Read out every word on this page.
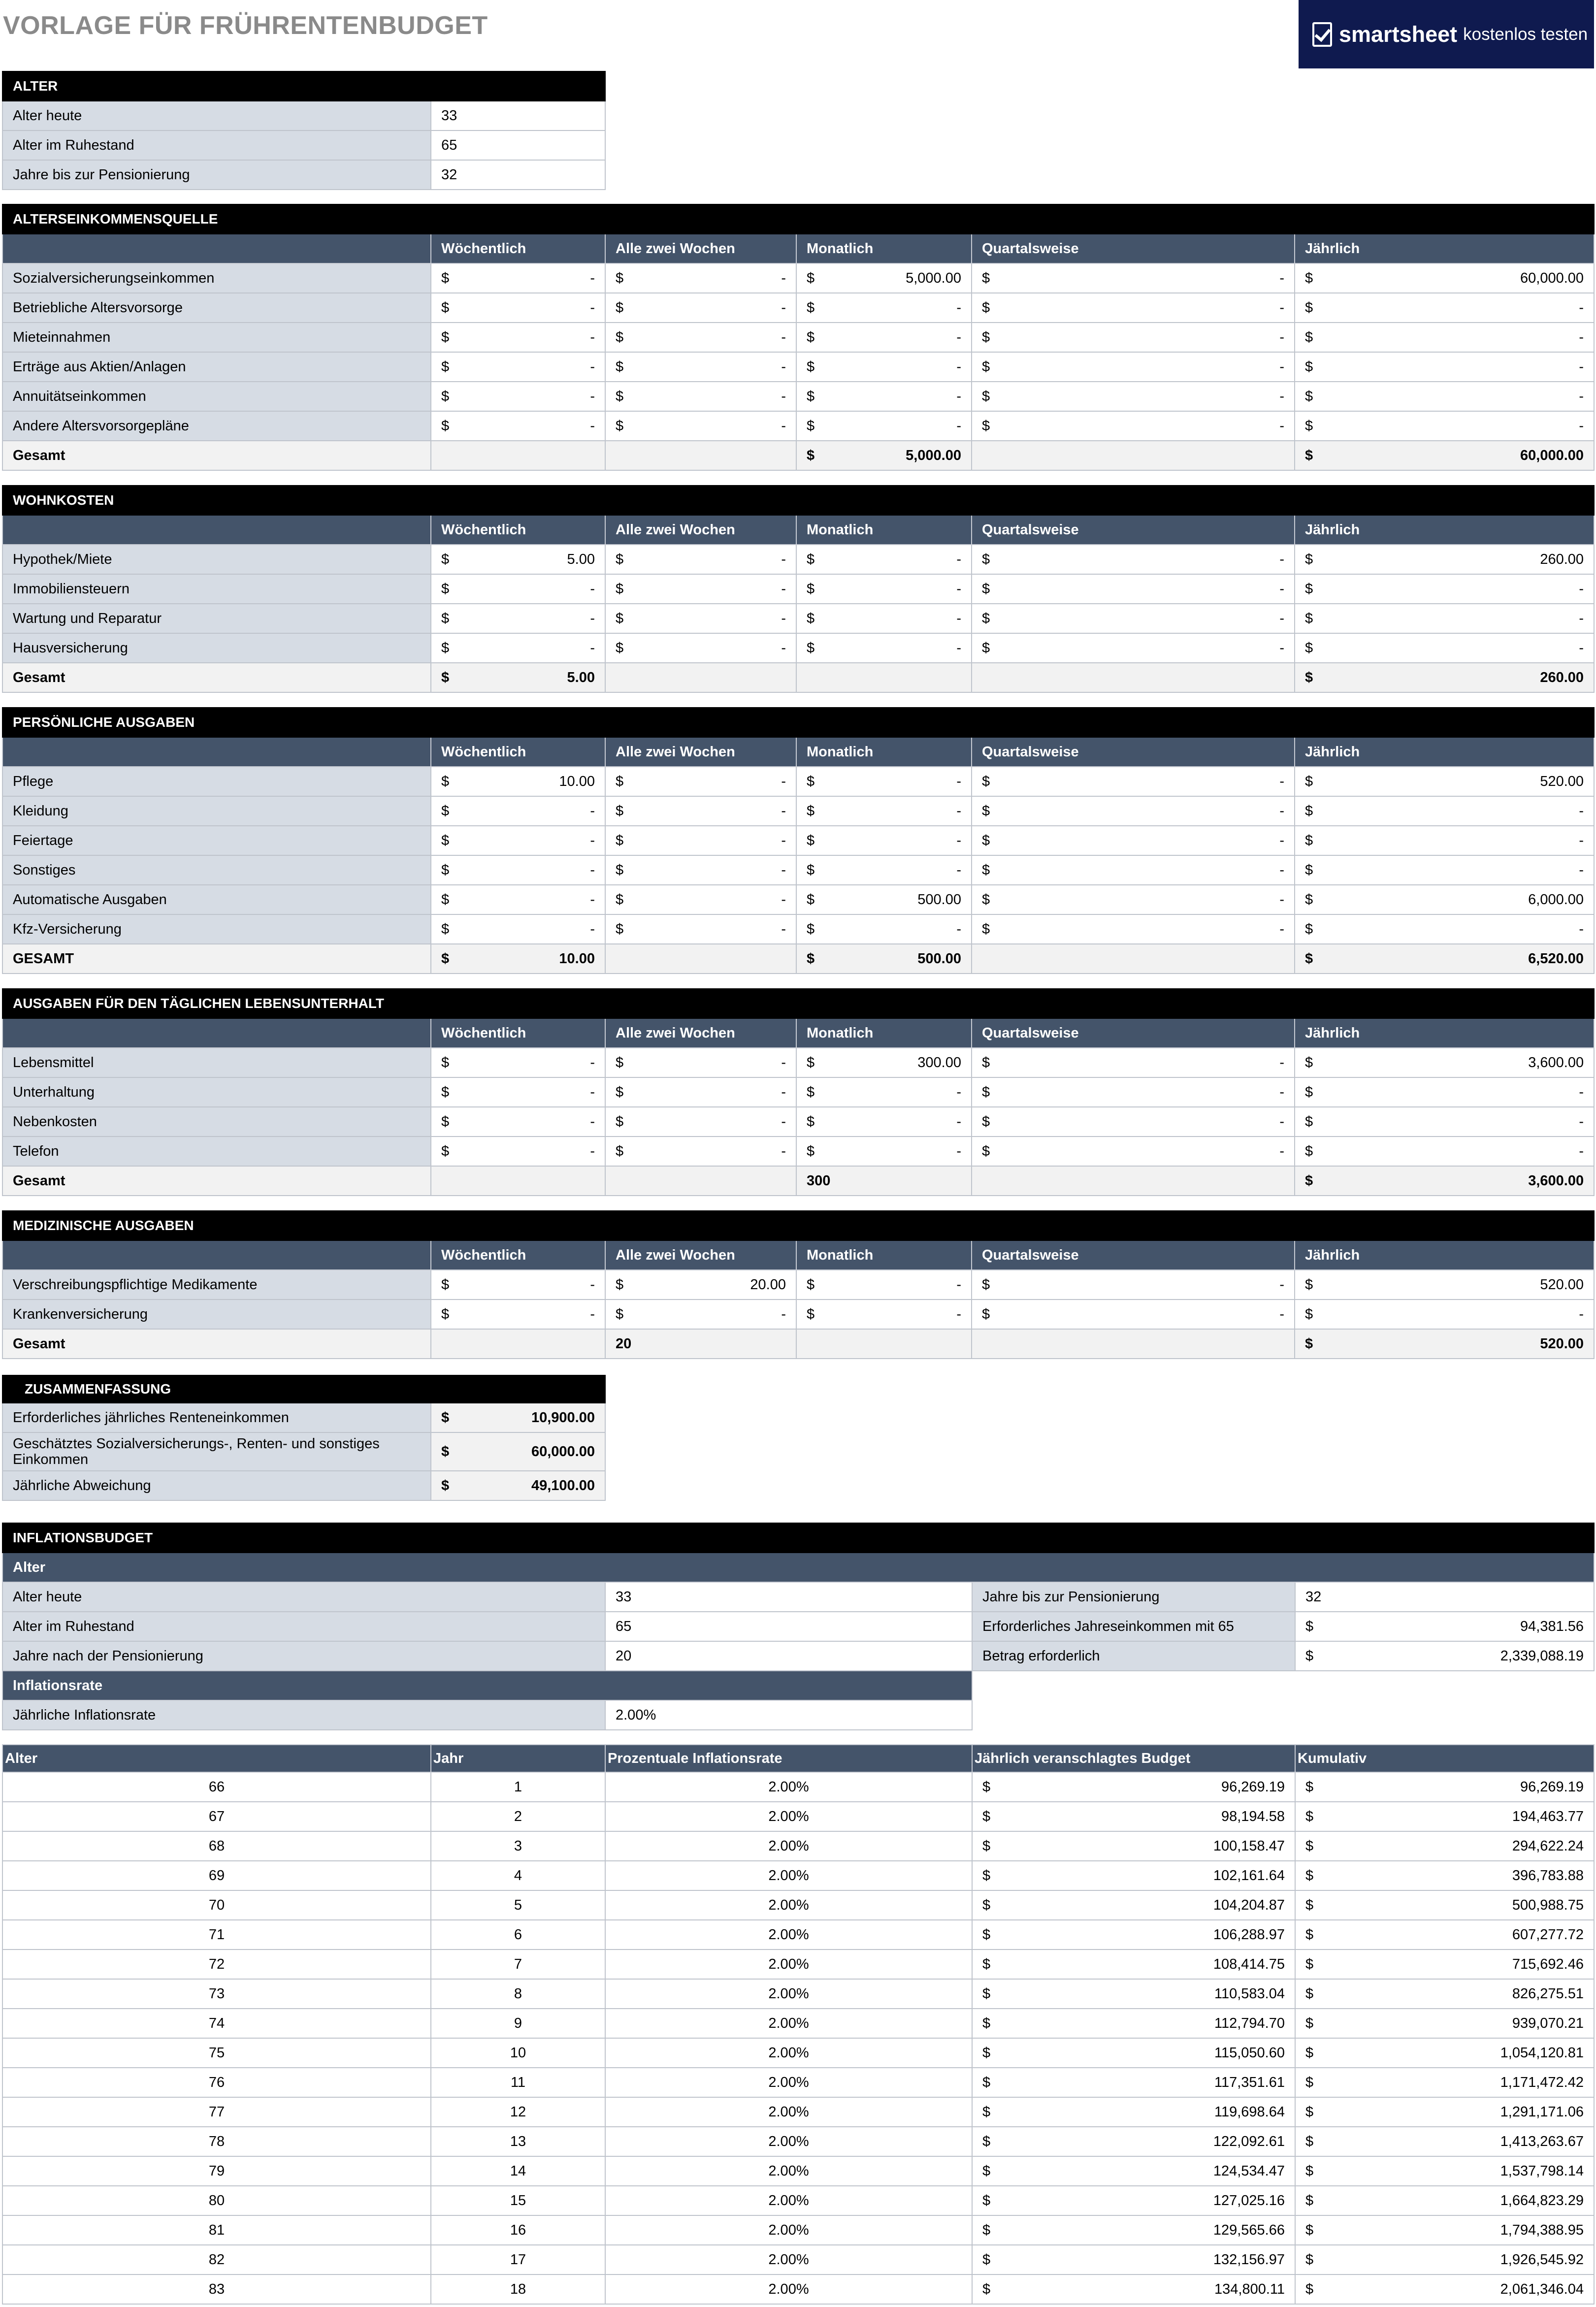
VORLAGE FÜR FRÜHRENTENBUDGET	smartsheet kostenlos testen
ALTER	
Alter heute	33
Alter im Ruhestand	65
Jahre bis zur Pensionierung	32
ALTERSEINKOMMENSQUELLE					
	Wöchentlich	Alle zwei Wochen	Monatlich	Quartalsweise	Jährlich
Sozialversicherungseinkommen	$ -	$ -	$ 5,000.00	$ -	$ 60,000.00

Betriebliche Altersvorsorge	$ -	$ -	$ -	$ -	$ -

Mieteinnahmen	$ -	$ -	$ -	$ -	$ -

Erträge aus Aktien/Anlagen	$ -	$ -	$ -	$ -	$ -

Annuitätseinkommen	$ -	$ -	$ -	$ -	$ -

Andere Altersvorsorgepläne	$ -	$ -	$ -	$ -	$ -

Gesamt			$ 5,000.00		$ 60,000.00
WOHNKOSTEN					
	Wöchentlich	Alle zwei Wochen	Monatlich	Quartalsweise	Jährlich
Hypothek/Miete	$ 5.00	$ -	$ -	$ -	$ 260.00

Immobiliensteuern	$ -	$ -	$ -	$ -	$ -

Wartung und Reparatur	$ -	$ -	$ -	$ -	$ -

Hausversicherung	$ -	$ -	$ -	$ -	$ -

Gesamt	$ 5.00				$ 260.00
PERSÖNLICHE AUSGABEN					
	Wöchentlich	Alle zwei Wochen	Monatlich	Quartalsweise	Jährlich
Pflege	$ 10.00	$ -	$ -	$ -	$ 520.00

Kleidung	$ -	$ -	$ -	$ -	$ -

Feiertage	$ -	$ -	$ -	$ -	$ -

Sonstiges	$ -	$ -	$ -	$ -	$ -

Automatische Ausgaben	$ -	$ -	$ 500.00	$ -	$ 6,000.00

Kfz-Versicherung	$ -	$ -	$ -	$ -	$ -

GESAMT	$ 10.00		$ 500.00		$ 6,520.00
AUSGABEN FÜR DEN TÄGLICHEN LEBENSUNTERHALT					
	Wöchentlich	Alle zwei Wochen	Monatlich	Quartalsweise	Jährlich
Lebensmittel	$ -	$ -	$ 300.00	$ -	$ 3,600.00

Unterhaltung	$ -	$ -	$ -	$ -	$ -

Nebenkosten	$ -	$ -	$ -	$ -	$ -

Telefon	$ -	$ -	$ -	$ -	$ -

Gesamt			300		$ 3,600.00
MEDIZINISCHE AUSGABEN					
	Wöchentlich	Alle zwei Wochen	Monatlich	Quartalsweise	Jährlich
Verschreibungspflichtige Medikamente	$ -	$ 20.00	$ -	$ -	$ 520.00

Krankenversicherung	$ -	$ -	$ -	$ -	$ -

Gesamt		20			$ 520.00
ZUSAMMENFASSUNG	
Erforderliches jährliches Renteneinkommen	$ 10,900.00

Geschätztes Sozialversicherungs-, Renten- und sonstiges Einkommen	$ 60,000.00

Jährliche Abweichung	$ 49,100.00
INFLATIONSBUDGET			
Alter			
Alter heute	33	Jahre bis zur Pensionierung	32
Alter im Ruhestand	65	Erforderliches Jahreseinkommen mit 65	$ 94,381.56

Jahre nach der Pensionierung	20	Betrag erforderlich	$ 2,339,088.19

Inflationsrate			
Jährliche Inflationsrate	2.00%		
Alter	Jahr	Prozentuale Inflationsrate	Jährlich veranschlagtes Budget	Kumulativ
66	1	2.00%	$ 96,269.19	$ 96,269.19

67	2	2.00%	$ 98,194.58	$ 194,463.77

68	3	2.00%	$ 100,158.47	$ 294,622.24

69	4	2.00%	$ 102,161.64	$ 396,783.88

70	5	2.00%	$ 104,204.87	$ 500,988.75

71	6	2.00%	$ 106,288.97	$ 607,277.72

72	7	2.00%	$ 108,414.75	$ 715,692.46

73	8	2.00%	$ 110,583.04	$ 826,275.51

74	9	2.00%	$ 112,794.70	$ 939,070.21

75	10	2.00%	$ 115,050.60	$ 1,054,120.81

76	11	2.00%	$ 117,351.61	$ 1,171,472.42

77	12	2.00%	$ 119,698.64	$ 1,291,171.06

78	13	2.00%	$ 122,092.61	$ 1,413,263.67

79	14	2.00%	$ 124,534.47	$ 1,537,798.14

80	15	2.00%	$ 127,025.16	$ 1,664,823.29

81	16	2.00%	$ 129,565.66	$ 1,794,388.95

82	17	2.00%	$ 132,156.97	$ 1,926,545.92

83	18	2.00%	$ 134,800.11	$ 2,061,346.04
